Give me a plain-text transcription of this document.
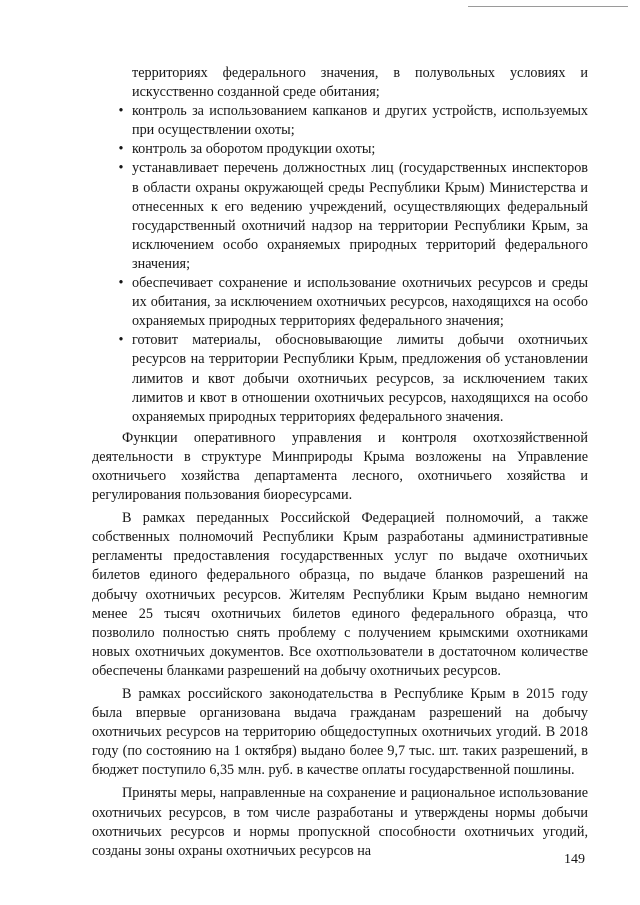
территориях федерального значения, в полувольных условиях и искусственно созданной среде обитания;
• контроль за использованием капканов и других устройств, используемых при осуществлении охоты;
• контроль за оборотом продукции охоты;
• устанавливает перечень должностных лиц (государственных инспекторов в области охраны окружающей среды Республики Крым) Министерства и отнесенных к его ведению учреждений, осуществляющих федеральный государственный охотничий надзор на территории Республики Крым, за исключением особо охраняемых природных территорий федерального значения;
• обеспечивает сохранение и использование охотничьих ресурсов и среды их обитания, за исключением охотничьих ресурсов, находящихся на особо охраняемых природных территориях федерального значения;
• готовит материалы, обосновывающие лимиты добычи охотничьих ресурсов на территории Республики Крым, предложения об установлении лимитов и квот добычи охотничьих ресурсов, за исключением таких лимитов и квот в отношении охотничьих ресурсов, находящихся на особо охраняемых природных территориях федерального значения.

Функции оперативного управления и контроля охотхозяйственной деятельности в структуре Минприроды Крыма возложены на Управление охотничьего хозяйства департамента лесного, охотничьего хозяйства и регулирования пользования биоресурсами.

В рамках переданных Российской Федерацией полномочий, а также собственных полномочий Республики Крым разработаны административные регламенты предоставления государственных услуг по выдаче охотничьих билетов единого федерального образца, по выдаче бланков разрешений на добычу охотничьих ресурсов. Жителям Республики Крым выдано немногим менее 25 тысяч охотничьих билетов единого федерального образца, что позволило полностью снять проблему с получением крымскими охотниками новых охотничьих документов. Все охотпользователи в достаточном количестве обеспечены бланками разрешений на добычу охотничьих ресурсов.

В рамках российского законодательства в Республике Крым в 2015 году была впервые организована выдача гражданам разрешений на добычу охотничьих ресурсов на территорию общедоступных охотничьих угодий. В 2018 году (по состоянию на 1 октября) выдано более 9,7 тыс. шт. таких разрешений, в бюджет поступило 6,35 млн. руб. в качестве оплаты государственной пошлины.

Приняты меры, направленные на сохранение и рациональное использование охотничьих ресурсов, в том числе разработаны и утверждены нормы добычи охотничьих ресурсов и нормы пропускной способности охотничьих угодий, созданы зоны охраны охотничьих ресурсов на

149
